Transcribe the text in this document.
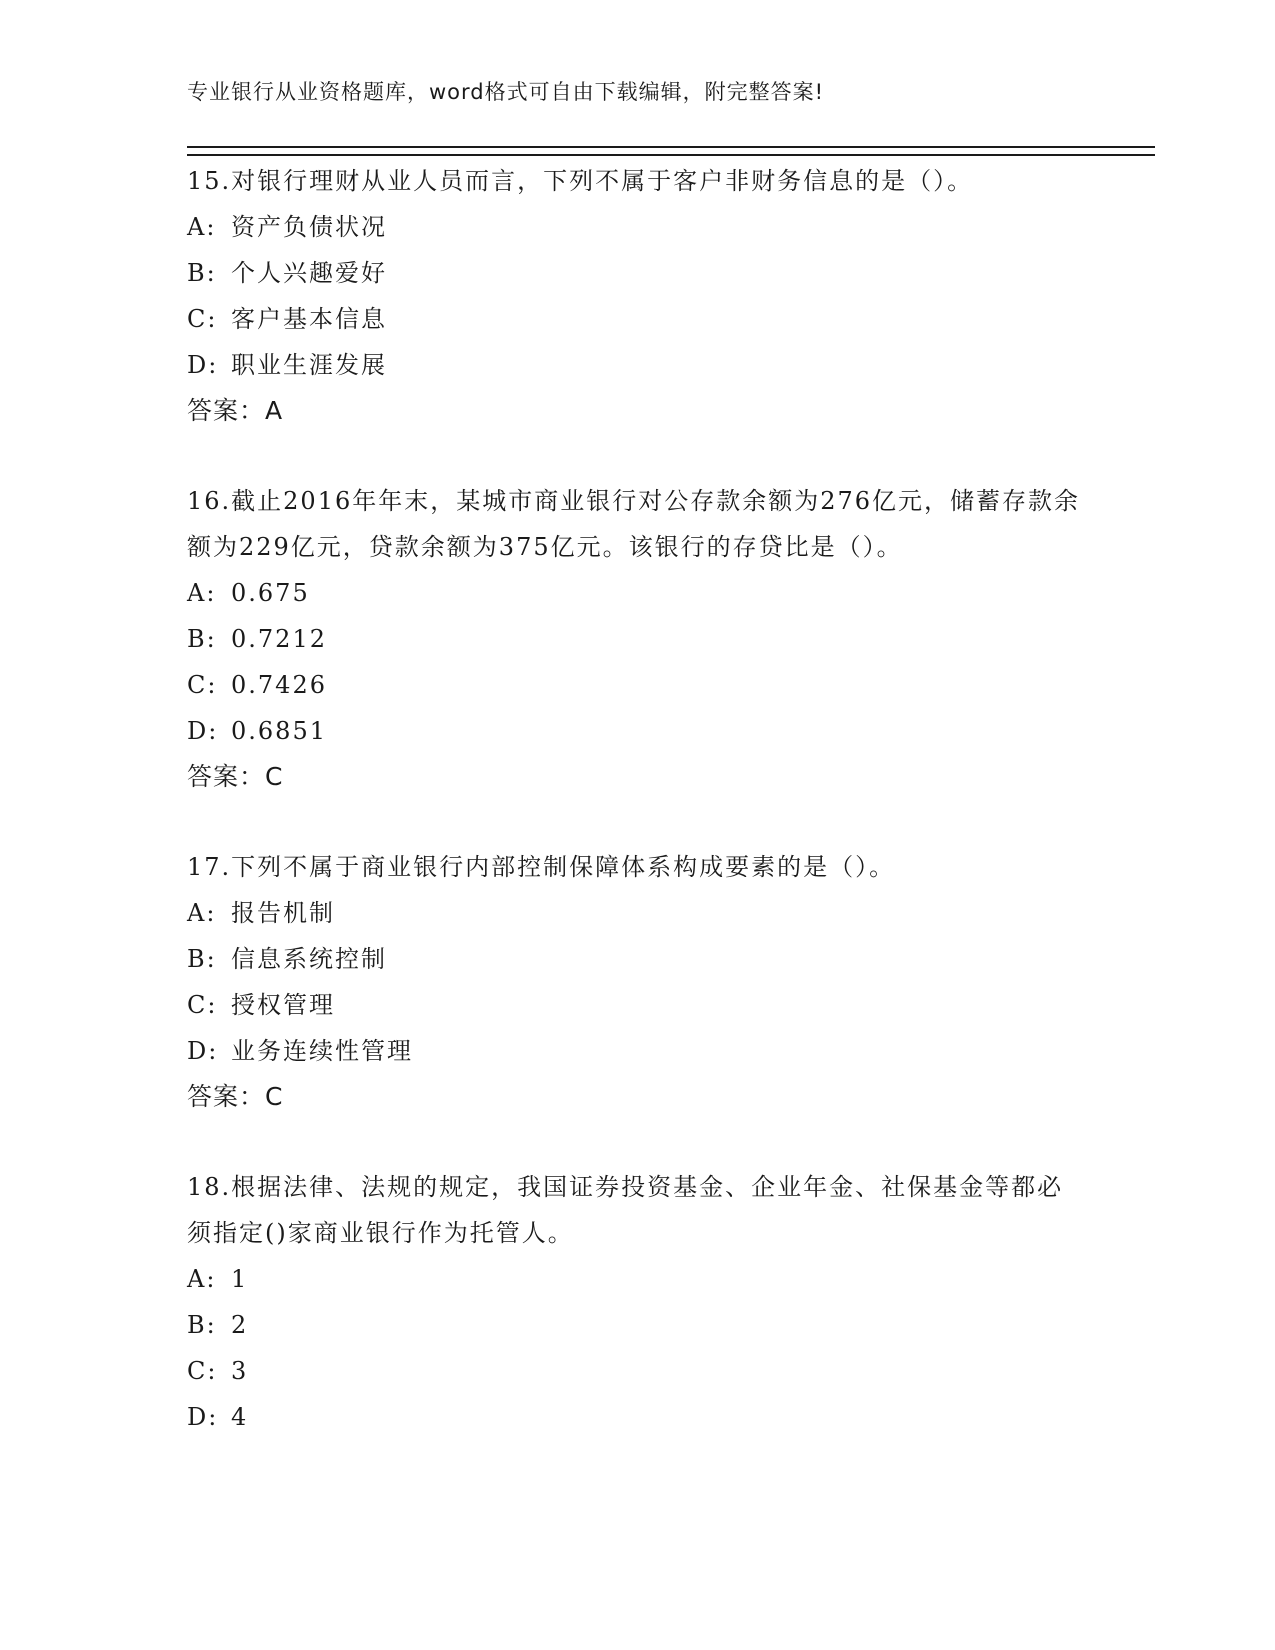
专业银行从业资格题库，word格式可自由下载编辑，附完整答案!
15.对银行理财从业人员而言，下列不属于客户非财务信息的是（）。
A: 资产负债状况
B: 个人兴趣爱好
C: 客户基本信息
D: 职业生涯发展
答案：A
16.截止2016年年末，某城市商业银行对公存款余额为276亿元，储蓄存款余额为229亿元，贷款余额为375亿元。该银行的存贷比是（）。
A: 0.675
B: 0.7212
C: 0.7426
D: 0.6851
答案：C
17.下列不属于商业银行内部控制保障体系构成要素的是（）。
A: 报告机制
B: 信息系统控制
C: 授权管理
D: 业务连续性管理
答案：C
18.根据法律、法规的规定，我国证券投资基金、企业年金、社保基金等都必须指定()家商业银行作为托管人。
A: 1
B: 2
C: 3
D: 4
